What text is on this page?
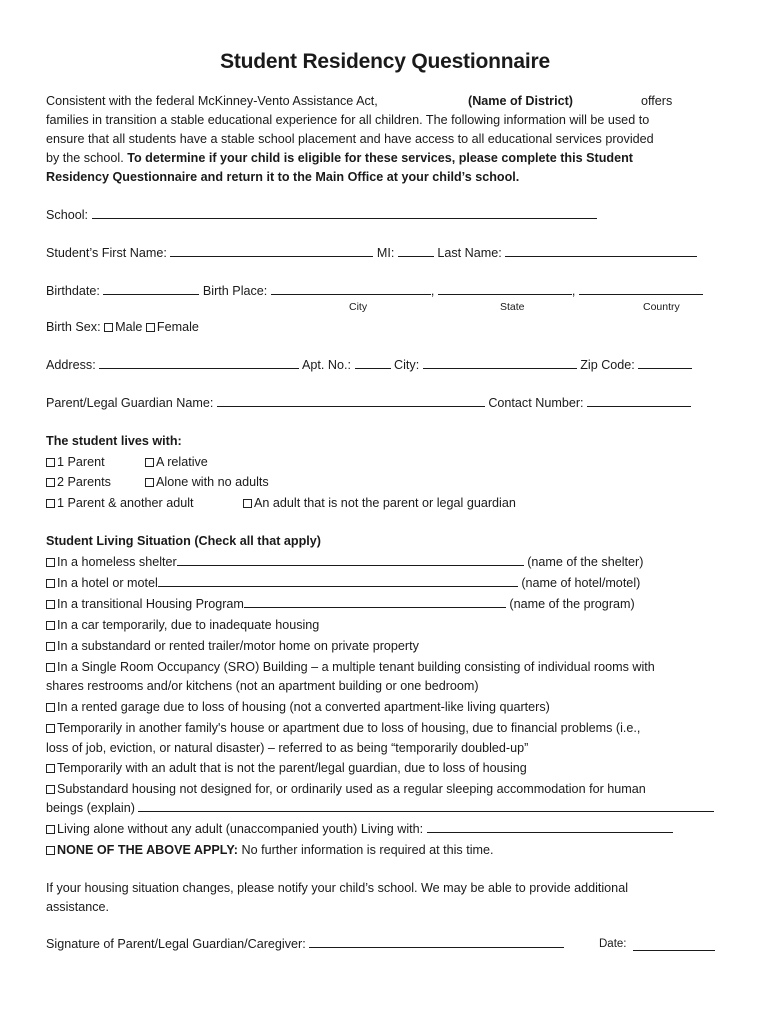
Student Residency Questionnaire
Consistent with the federal McKinney-Vento Assistance Act,	(Name of District)	offers
families in transition a stable educational experience for all children. The following information will be used to
ensure that all students have a stable school placement and have access to all educational services provided
by the school. To determine if your child is eligible for these services, please complete this Student
Residency Questionnaire and return it to the Main Office at your child’s school.
School:
Student’s First Name:	MI:	Last Name:
Birthdate:	Birth Place:	,	,
City	State	Country
Birth Sex: Male Female
Address:	Apt. No.:	City:	Zip Code:
Parent/Legal Guardian Name:	Contact Number:
The student lives with:
1 Parent	A relative
2 Parents	Alone with no adults
1 Parent & another adult	An adult that is not the parent or legal guardian
Student Living Situation (Check all that apply)
In a homeless shelter	(name of the shelter)
In a hotel or motel	(name of hotel/motel)
In a transitional Housing Program	(name of the program)
In a car temporarily, due to inadequate housing
In a substandard or rented trailer/motor home on private property
In a Single Room Occupancy (SRO) Building – a multiple tenant building consisting of individual rooms with
shares restrooms and/or kitchens (not an apartment building or one bedroom)
In a rented garage due to loss of housing (not a converted apartment-like living quarters)
Temporarily in another family's house or apartment due to loss of housing, due to financial problems (i.e.,
loss of job, eviction, or natural disaster) – referred to as being “temporarily doubled-up”
Temporarily with an adult that is not the parent/legal guardian, due to loss of housing
Substandard housing not designed for, or ordinarily used as a regular sleeping accommodation for human
beings (explain)
Living alone without any adult (unaccompanied youth) Living with:
NONE OF THE ABOVE APPLY: No further information is required at this time.
If your housing situation changes, please notify your child’s school. We may be able to provide additional
assistance.
Signature of Parent/Legal Guardian/Caregiver:	Date:
